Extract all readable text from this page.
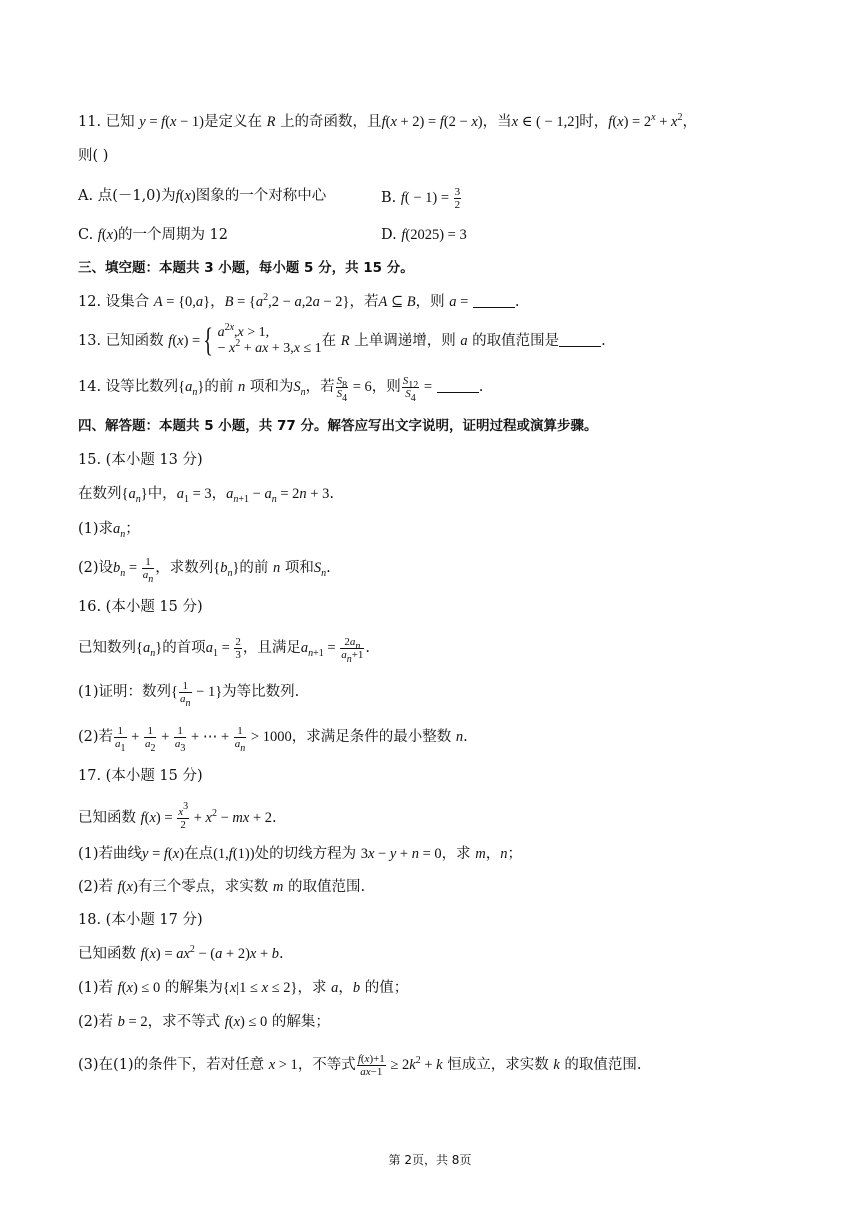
11. 已知 y = f(x − 1)是定义在 R 上的奇函数，且f(x + 2) = f(2 − x)，当x ∈ ( − 1,2]时，$f(x) = 2^x + x^2$，
则( )
A. 点(－1,0)为f(x)图象的一个对称中心	B. $f( - 1) = \frac{3}{2}$
C. f(x)的一个周期为 12	D. f(2025) = 3
三、填空题：本题共 3 小题，每小题 5 分，共 15 分。
12. 设集合 A = {0,a}，$B = \{a^2,2 - a,2a - 2\}$，若A ⊆ B，则 a =	.
13. 已知函数 f ( x ) = { $a^{2x},x > 1$,
− $x^2$ + ax + 3,x ≤ 1 在 R 上单调递增，则 a 的取值范围是	.
14. 设等比数列$\{a_n\}$的前 n 项和为$S_n$，若 $\frac{S_8}{S_4} = 6$，则 $\frac{S_{12}}{S_4}$ =	.
四、解答题：本题共 5 小题，共 77 分。解答应写出文字说明，证明过程或演算步骤。
15. (本小题 13 分)
在数列$\{a_n\}$中，$a_1 = 3$，$a_{n+1} - a_n = 2n + 3$.
(1)求$a_n$；
(2)设$b_n = \frac{1}{a_n}$ ，求数列$\{b_n\}$的前 n 项和$S_n$.
16. (本小题 15 分)
已知数列$\{a_n\}$的首项$a_1 = \frac{2}{3}$ ，且满足$a_{n+1} = \frac{2a_n}{a_n+1}$ .
(1)证明：数列{ $\frac{1}{a_n} - 1$}为等比数列.
(2)若 $\frac{1}{a_1} + \frac{1}{a_2} + \frac{1}{a_3}$ + ⋯ + $\frac{1}{a_n} > 1000$，求满足条件的最小整数 n.
17. (本小题 15 分)
已知函数 $f(x) = \frac{x^3}{2} + x^2$ − mx + 2.
(1)若曲线y = f(x)在点(1,f(1))处的切线方程为 3x − y + n = 0，求 m，n；
(2)若 f(x)有三个零点，求实数 m 的取值范围.
18. (本小题 17 分)
已知函数 $f(x) = ax^2 - (a + 2)x + b$.
(1)若 f(x) ≤ 0 的解集为{x|1 ≤ x ≤ 2}，求 a，b 的值；
(2)若 b = 2，求不等式 f(x) ≤ 0 的解集；
(3)在(1)的条件下，若对任意 x > 1，不等式 $\frac{f(x)+1}{ax-1} \ge 2k^2 + k$ 恒成立，求实数 k 的取值范围.
第 2页，共 8页
